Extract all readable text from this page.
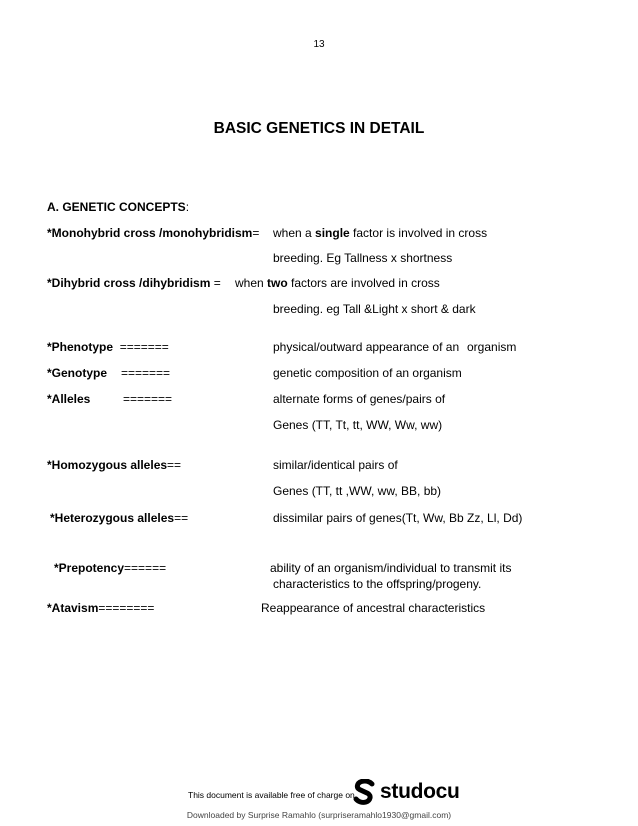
13
BASIC GENETICS IN DETAIL
A. GENETIC CONCEPTS:
*Monohybrid cross /monohybridism= when a single factor is involved in cross
breeding. Eg Tallness x shortness
*Dihybrid cross /dihybridism = when two factors are involved in cross
breeding. eg Tall &Light x short & dark
*Phenotype =======	physical/outward appearance of an organism
*Genotype =======	genetic composition of an organism
*Alleles	=======	alternate forms of genes/pairs of
Genes (TT, Tt, tt, WW, Ww, ww)
*Homozygous alleles==	similar/identical pairs of
Genes (TT, tt ,WW, ww, BB, bb)
*Heterozygous alleles==	dissimilar pairs of genes(Tt, Ww, Bb Zz, Ll, Dd)
*Prepotency======	ability of an organism/individual to transmit its
characteristics to the offspring/progeny.
*Atavism========	Reappearance of ancestral characteristics
This document is available free of charge on studocu
Downloaded by Surprise Ramahlo (surpriseramahlo1930@gmail.com)
